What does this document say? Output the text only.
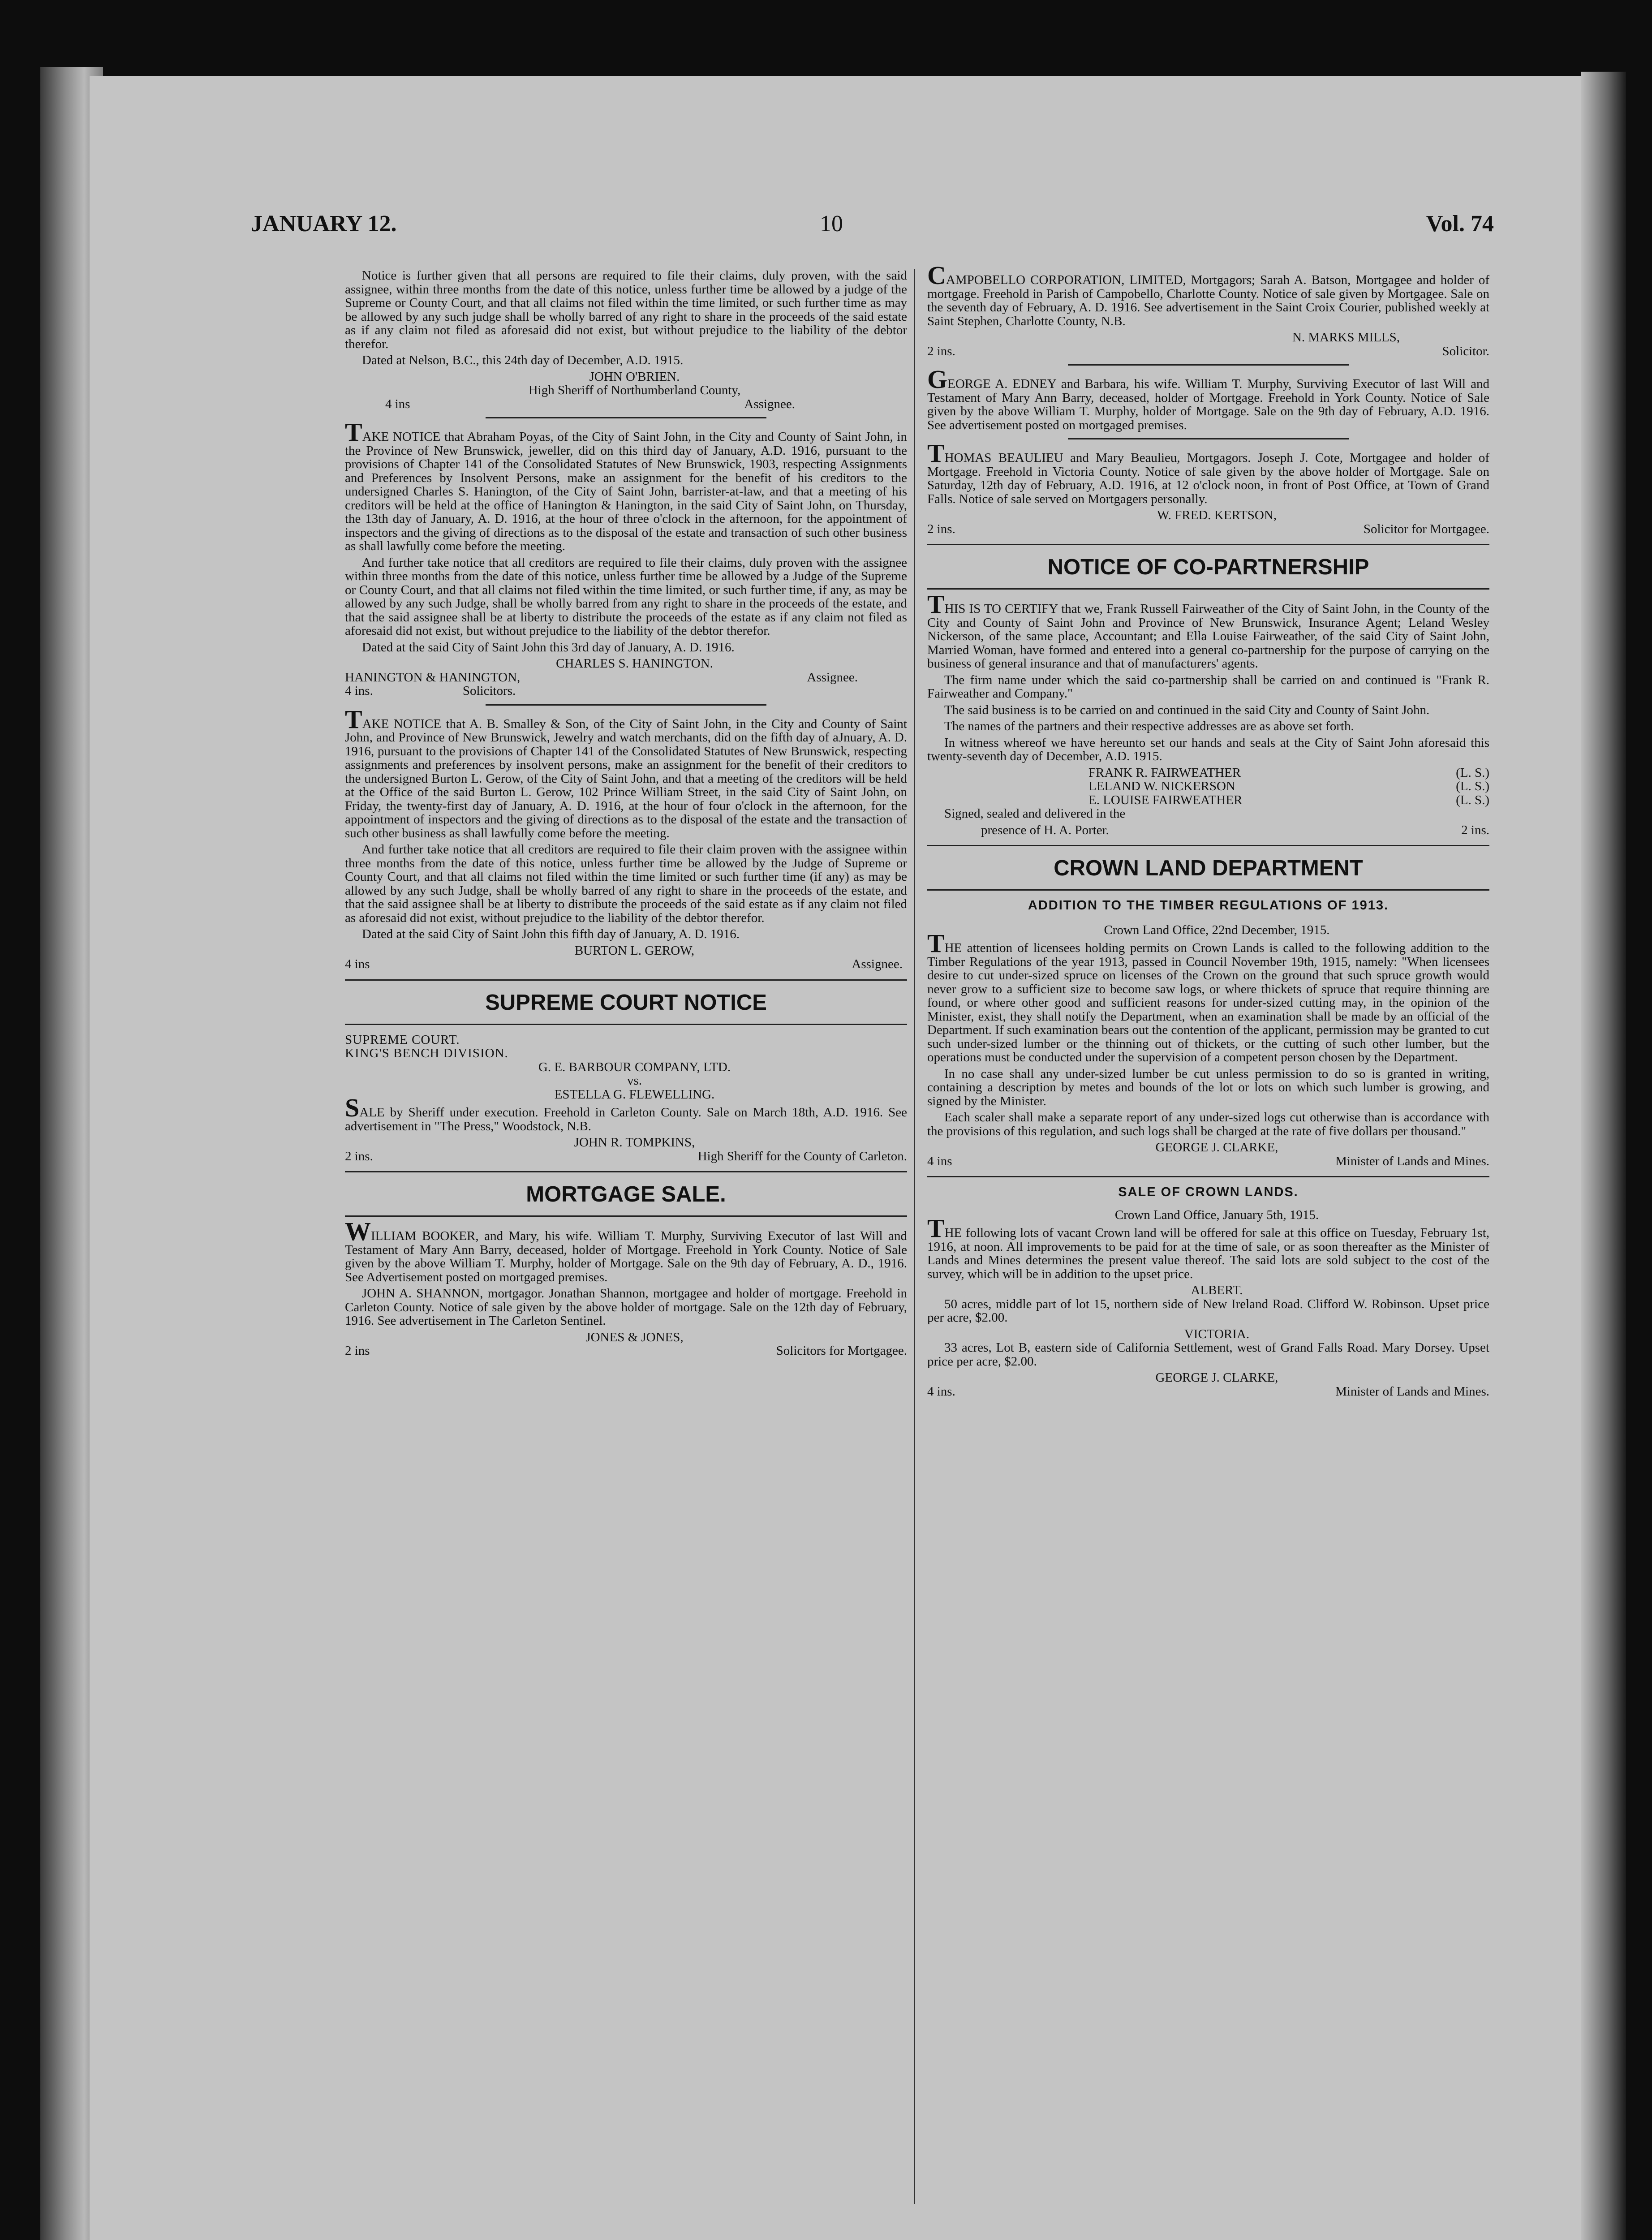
JANUARY 12.	10	Vol. 74

Notice is further given that all persons are required to file their claims, duly proven, with the said assignee, within three months from the date of this notice, unless further time be allowed by a judge of the Supreme or County Court, and that all claims not filed within the time limited, or such further time as may be allowed by any such judge shall be wholly barred of any right to share in the proceeds of the said estate as if any claim not filed as aforesaid did not exist, but without prejudice to the liability of the debtor therefor.

Dated at Nelson, B.C., this 24th day of December, A.D. 1915.

JOHN O'BRIEN.

High Sheriff of Northumberland County,

4 ins	Assignee.

TAKE NOTICE that Abraham Poyas, of the City of Saint John, in the City and County of Saint John, in the Province of New Brunswick, jeweller, did on this third day of January, A.D. 1916, pursuant to the provisions of Chapter 141 of the Consolidated Statutes of New Brunswick, 1903, respecting Assignments and Preferences by Insolvent Persons, make an assignment for the benefit of his creditors to the undersigned Charles S. Hanington, of the City of Saint John, barrister-at-law, and that a meeting of his creditors will be held at the office of Hanington & Hanington, in the said City of Saint John, on Thursday, the 13th day of January, A. D. 1916, at the hour of three o'clock in the afternoon, for the appointment of inspectors and the giving of directions as to the disposal of the estate and transaction of such other business as shall lawfully come before the meeting.

And further take notice that all creditors are required to file their claims, duly proven with the assignee within three months from the date of this notice, unless further time be allowed by a Judge of the Supreme or County Court, and that all claims not filed within the time limited, or such further time, if any, as may be allowed by any such Judge, shall be wholly barred from any right to share in the proceeds of the estate, and that the said assignee shall be at liberty to distribute the proceeds of the estate as if any claim not filed as aforesaid did not exist, but without prejudice to the liability of the debtor therefor.

Dated at the said City of Saint John this 3rd day of January, A. D. 1916.

CHARLES S. HANINGTON.

HANINGTON & HANINGTON,	Assignee.
4 ins.	Solicitors.

TAKE NOTICE that A. B. Smalley & Son, of the City of Saint John, in the City and County of Saint John, and Province of New Brunswick, Jewelry and watch merchants, did on the fifth day of aJnuary, A. D. 1916, pursuant to the provisions of Chapter 141 of the Consolidated Statutes of New Brunswick, respecting assignments and preferences by insolvent persons, make an assignment for the benefit of their creditors to the undersigned Burton L. Gerow, of the City of Saint John, and that a meeting of the creditors will be held at the Office of the said Burton L. Gerow, 102 Prince William Street, in the said City of Saint John, on Friday, the twenty-first day of January, A. D. 1916, at the hour of four o'clock in the afternoon, for the appointment of inspectors and the giving of directions as to the disposal of the estate and the transaction of such other business as shall lawfully come before the meeting.

And further take notice that all creditors are required to file their claim proven with the assignee within three months from the date of this notice, unless further time be allowed by the Judge of Supreme or County Court, and that all claims not filed within the time limited or such further time (if any) as may be allowed by any such Judge, shall be wholly barred of any right to share in the proceeds of the estate, and that the said assignee shall be at liberty to distribute the proceeds of the said estate as if any claim not filed as aforesaid did not exist, without prejudice to the liability of the debtor therefor.

Dated at the said City of Saint John this fifth day of January, A. D. 1916.

BURTON L. GEROW,

4 ins	Assignee.
SUPREME COURT NOTICE

SUPREME COURT.

KING'S BENCH DIVISION.

G. E. BARBOUR COMPANY, LTD.

vs.

ESTELLA G. FLEWELLING.

SALE by Sheriff under execution. Freehold in Carleton County. Sale on March 18th, A.D. 1916. See advertisement in "The Press," Woodstock, N.B.

JOHN R. TOMPKINS,

2 ins.	High Sheriff for the County of Carleton.
MORTGAGE SALE.

WILLIAM BOOKER, and Mary, his wife. William T. Murphy, Surviving Executor of last Will and Testament of Mary Ann Barry, deceased, holder of Mortgage. Freehold in York County. Notice of Sale given by the above William T. Murphy, holder of Mortgage. Sale on the 9th day of February, A. D., 1916. See Advertisement posted on mortgaged premises.

JOHN A. SHANNON, mortgagor. Jonathan Shannon, mortgagee and holder of mortgage. Freehold in Carleton County. Notice of sale given by the above holder of mortgage. Sale on the 12th day of February, 1916. See advertisement in The Carleton Sentinel.

JONES & JONES,

2 ins	Solicitors for Mortgagee.

CAMPOBELLO CORPORATION, LIMITED, Mortgagors; Sarah A. Batson, Mortgagee and holder of mortgage. Freehold in Parish of Campobello, Charlotte County. Notice of sale given by Mortgagee. Sale on the seventh day of February, A. D. 1916. See advertisement in the Saint Croix Courier, published weekly at Saint Stephen, Charlotte County, N.B.

N. MARKS MILLS,

2 ins.	Solicitor.

GEORGE A. EDNEY and Barbara, his wife. William T. Murphy, Surviving Executor of last Will and Testament of Mary Ann Barry, deceased, holder of Mortgage. Freehold in York County. Notice of Sale given by the above William T. Murphy, holder of Mortgage. Sale on the 9th day of February, A.D. 1916. See advertisement posted on mortgaged premises.

THOMAS BEAULIEU and Mary Beaulieu, Mortgagors. Joseph J. Cote, Mortgagee and holder of Mortgage. Freehold in Victoria County. Notice of sale given by the above holder of Mortgage. Sale on Saturday, 12th day of February, A.D. 1916, at 12 o'clock noon, in front of Post Office, at Town of Grand Falls. Notice of sale served on Mortgagers personally.

W. FRED. KERTSON,

2 ins.	Solicitor for Mortgagee.
NOTICE OF CO-PARTNERSHIP

THIS IS TO CERTIFY that we, Frank Russell Fairweather of the City of Saint John, in the County of the City and County of Saint John and Province of New Brunswick, Insurance Agent; Leland Wesley Nickerson, of the same place, Accountant; and Ella Louise Fairweather, of the said City of Saint John, Married Woman, have formed and entered into a general co-partnership for the purpose of carrying on the business of general insurance and that of manufacturers' agents.

The firm name under which the said co-partnership shall be carried on and continued is "Frank R. Fairweather and Company."

The said business is to be carried on and continued in the said City and County of Saint John.

The names of the partners and their respective addresses are as above set forth.

In witness whereof we have hereunto set our hands and seals at the City of Saint John aforesaid this twenty-seventh day of December, A.D. 1915.

FRANK R. FAIRWEATHER	(L. S.)
LELAND W. NICKERSON	(L. S.)
E. LOUISE FAIRWEATHER	(L. S.)

Signed, sealed and delivered in the

presence of H. A. Porter.	2 ins.
CROWN LAND DEPARTMENT
ADDITION TO THE TIMBER REGULATIONS OF 1913.

Crown Land Office, 22nd December, 1915.

THE attention of licensees holding permits on Crown Lands is called to the following addition to the Timber Regulations of the year 1913, passed in Council November 19th, 1915, namely: "When licensees desire to cut under-sized spruce on licenses of the Crown on the ground that such spruce growth would never grow to a sufficient size to become saw logs, or where thickets of spruce that require thinning are found, or where other good and sufficient reasons for under-sized cutting may, in the opinion of the Minister, exist, they shall notify the Department, when an examination shall be made by an official of the Department. If such examination bears out the contention of the applicant, permission may be granted to cut such under-sized lumber or the thinning out of thickets, or the cutting of such other lumber, but the operations must be conducted under the supervision of a competent person chosen by the Department.

In no case shall any under-sized lumber be cut unless permission to do so is granted in writing, containing a description by metes and bounds of the lot or lots on which such lumber is growing, and signed by the Minister.

Each scaler shall make a separate report of any under-sized logs cut otherwise than is accordance with the provisions of this regulation, and such logs shall be charged at the rate of five dollars per thousand."

GEORGE J. CLARKE,

4 ins	Minister of Lands and Mines.
SALE OF CROWN LANDS.

Crown Land Office, January 5th, 1915.

THE following lots of vacant Crown land will be offered for sale at this office on Tuesday, February 1st, 1916, at noon. All improvements to be paid for at the time of sale, or as soon thereafter as the Minister of Lands and Mines determines the present value thereof. The said lots are sold subject to the cost of the survey, which will be in addition to the upset price.

ALBERT.

50 acres, middle part of lot 15, northern side of New Ireland Road. Clifford W. Robinson. Upset price per acre, $2.00.

VICTORIA.

33 acres, Lot B, eastern side of California Settlement, west of Grand Falls Road. Mary Dorsey. Upset price per acre, $2.00.

GEORGE J. CLARKE,

4 ins.	Minister of Lands and Mines.
